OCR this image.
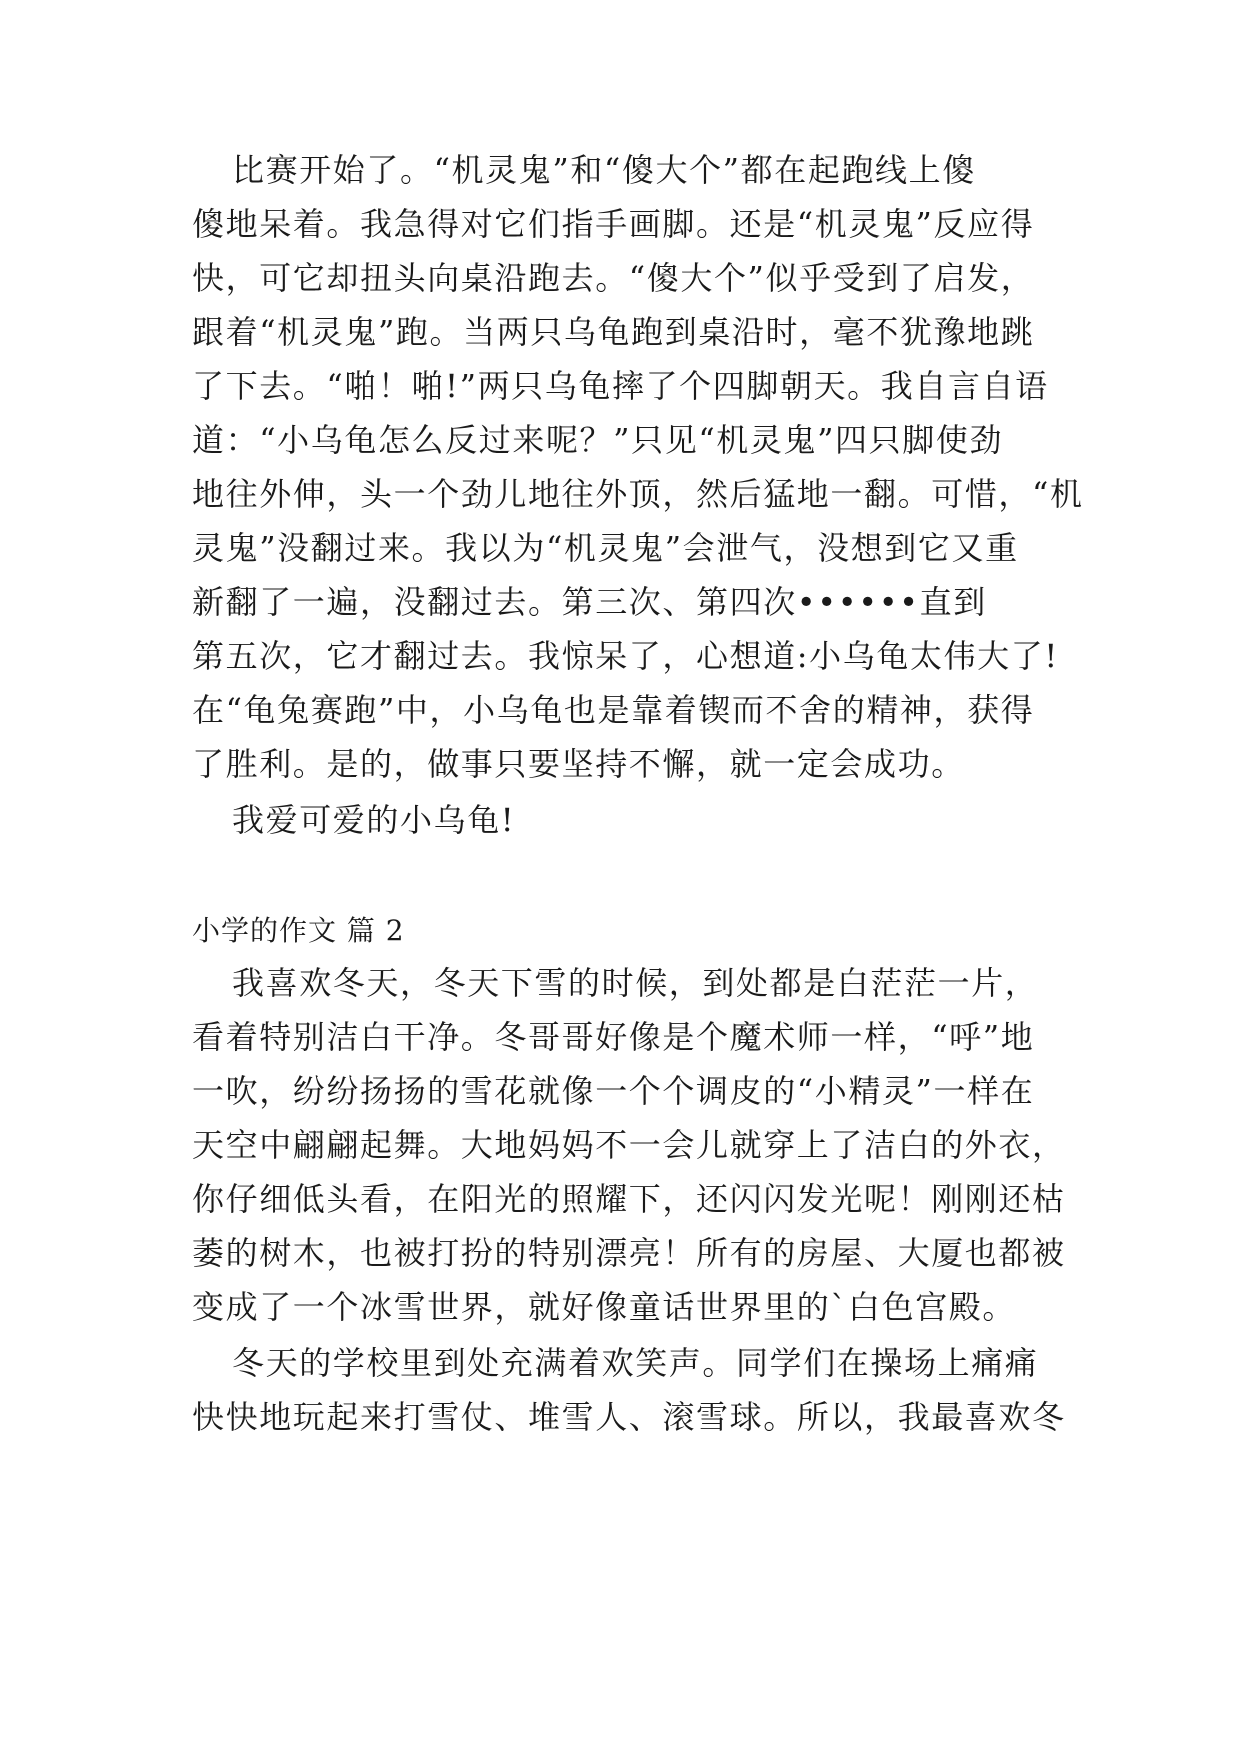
比赛开始了。“机灵鬼”和“傻大个”都在起跑线上傻
傻地呆着。我急得对它们指手画脚。还是“机灵鬼”反应得
快，可它却扭头向桌沿跑去。“傻大个”似乎受到了启发，
跟着“机灵鬼”跑。当两只乌龟跑到桌沿时，毫不犹豫地跳
了下去。“啪！啪!”两只乌龟摔了个四脚朝天。我自言自语
道：“小乌龟怎么反过来呢？”只见“机灵鬼”四只脚使劲
地往外伸，头一个劲儿地往外顶，然后猛地一翻。可惜，“机
灵鬼”没翻过来。我以为“机灵鬼”会泄气，没想到它又重
新翻了一遍，没翻过去。第三次、第四次••••••直到
第五次，它才翻过去。我惊呆了，心想道:小乌龟太伟大了!
在“龟兔赛跑”中，小乌龟也是靠着锲而不舍的精神，获得
了胜利。是的，做事只要坚持不懈，就一定会成功。
我爱可爱的小乌龟!
小学的作文 篇 2
我喜欢冬天，冬天下雪的时候，到处都是白茫茫一片，
看着特别洁白干净。冬哥哥好像是个魔术师一样，“呼”地
一吹，纷纷扬扬的雪花就像一个个调皮的“小精灵”一样在
天空中翩翩起舞。大地妈妈不一会儿就穿上了洁白的外衣，
你仔细低头看，在阳光的照耀下，还闪闪发光呢！刚刚还枯
萎的树木，也被打扮的特别漂亮！所有的房屋、大厦也都被
变成了一个冰雪世界，就好像童话世界里的`白色宫殿。
冬天的学校里到处充满着欢笑声。同学们在操场上痛痛
快快地玩起来打雪仗、堆雪人、滚雪球。所以，我最喜欢冬
